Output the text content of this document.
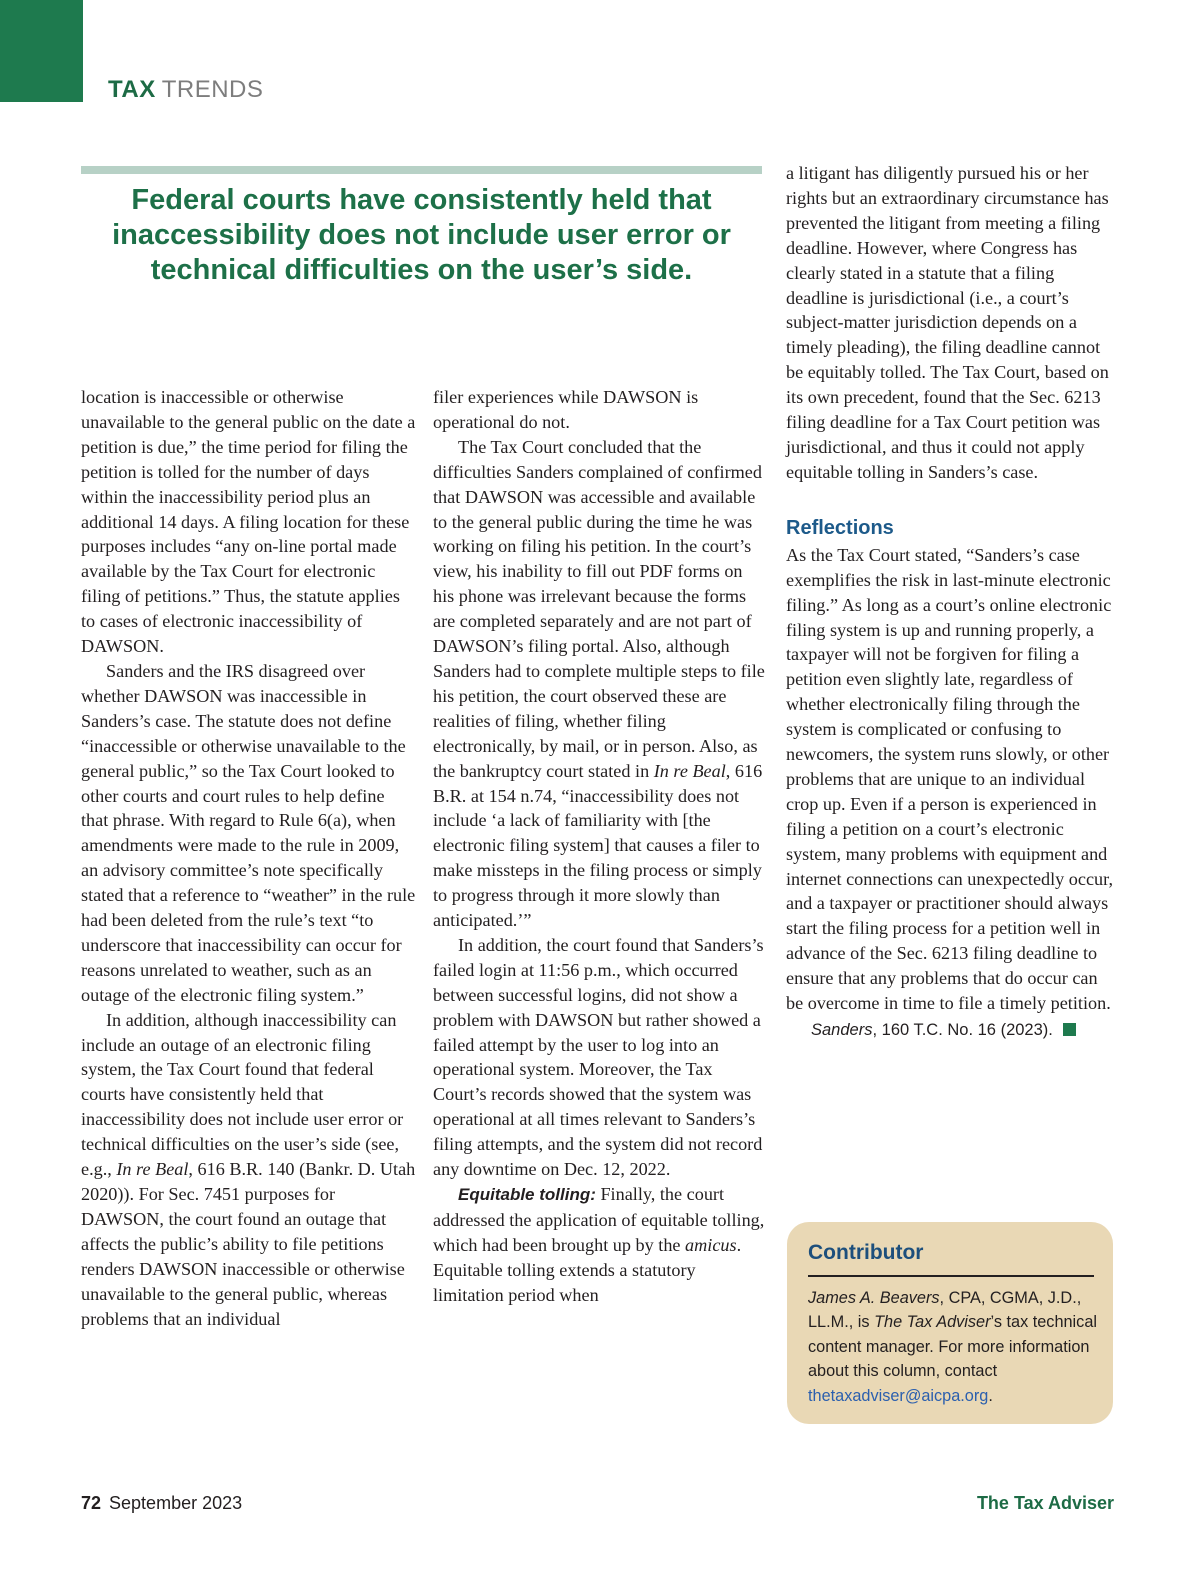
TAX TRENDS
Federal courts have consistently held that inaccessibility does not include user error or technical difficulties on the user’s side.

location is inaccessible or otherwise unavailable to the general public on the date a petition is due,” the time period for filing the petition is tolled for the number of days within the inaccessibility period plus an additional 14 days. A filing location for these purposes includes “any on-line portal made available by the Tax Court for electronic filing of petitions.” Thus, the statute applies to cases of electronic inaccessibility of DAWSON.

Sanders and the IRS disagreed over whether DAWSON was inaccessible in Sanders’s case. The statute does not define “inaccessible or otherwise unavailable to the general public,” so the Tax Court looked to other courts and court rules to help define that phrase. With regard to Rule 6(a), when amendments were made to the rule in 2009, an advisory committee’s note specifically stated that a reference to “weather” in the rule had been deleted from the rule’s text “to underscore that inaccessibility can occur for reasons unrelated to weather, such as an outage of the electronic filing system.”

In addition, although inaccessibility can include an outage of an electronic filing system, the Tax Court found that federal courts have consistently held that inaccessibility does not include user error or technical difficulties on the user’s side (see, e.g., In re Beal, 616 B.R. 140 (Bankr. D. Utah 2020)). For Sec. 7451 purposes for DAWSON, the court found an outage that affects the public’s ability to file petitions renders DAWSON inaccessible or otherwise unavailable to the general public, whereas problems that an individual

filer experiences while DAWSON is operational do not.

The Tax Court concluded that the difficulties Sanders complained of confirmed that DAWSON was accessible and available to the general public during the time he was working on filing his petition. In the court’s view, his inability to fill out PDF forms on his phone was irrelevant because the forms are completed separately and are not part of DAWSON’s filing portal. Also, although Sanders had to complete multiple steps to file his petition, the court observed these are realities of filing, whether filing electronically, by mail, or in person. Also, as the bankruptcy court stated in In re Beal, 616 B.R. at 154 n.74, “inaccessibility does not include ‘a lack of familiarity with [the electronic filing system] that causes a filer to make missteps in the filing process or simply to progress through it more slowly than anticipated.’”

In addition, the court found that Sanders’s failed login at 11:56 p.m., which occurred between successful logins, did not show a problem with DAWSON but rather showed a failed attempt by the user to log into an operational system. Moreover, the Tax Court’s records showed that the system was operational at all times relevant to Sanders’s filing attempts, and the system did not record any downtime on Dec. 12, 2022.

Equitable tolling: Finally, the court addressed the application of equitable tolling, which had been brought up by the amicus. Equitable tolling extends a statutory limitation period when

a litigant has diligently pursued his or her rights but an extraordinary circumstance has prevented the litigant from meeting a filing deadline. However, where Congress has clearly stated in a statute that a filing deadline is jurisdictional (i.e., a court’s subject-matter jurisdiction depends on a timely pleading), the filing deadline cannot be equitably tolled. The Tax Court, based on its own precedent, found that the Sec. 6213 filing deadline for a Tax Court petition was jurisdictional, and thus it could not apply equitable tolling in Sanders’s case.

Reflections

As the Tax Court stated, “Sanders’s case exemplifies the risk in last-minute electronic filing.” As long as a court’s online electronic filing system is up and running properly, a taxpayer will not be forgiven for filing a petition even slightly late, regardless of whether electronically filing through the system is complicated or confusing to newcomers, the system runs slowly, or other problems that are unique to an individual crop up. Even if a person is experienced in filing a petition on a court’s electronic system, many problems with equipment and internet connections can unexpectedly occur, and a taxpayer or practitioner should always start the filing process for a petition well in advance of the Sec. 6213 filing deadline to ensure that any problems that do occur can be overcome in time to file a timely petition.

Sanders, 160 T.C. No. 16 (2023).
Contributor
James A. Beavers, CPA, CGMA, J.D., LL.M., is The Tax Adviser’s tax technical content manager. For more information about this column, contact thetaxadviser@aicpa.org.
72 September 2023	The Tax Adviser
